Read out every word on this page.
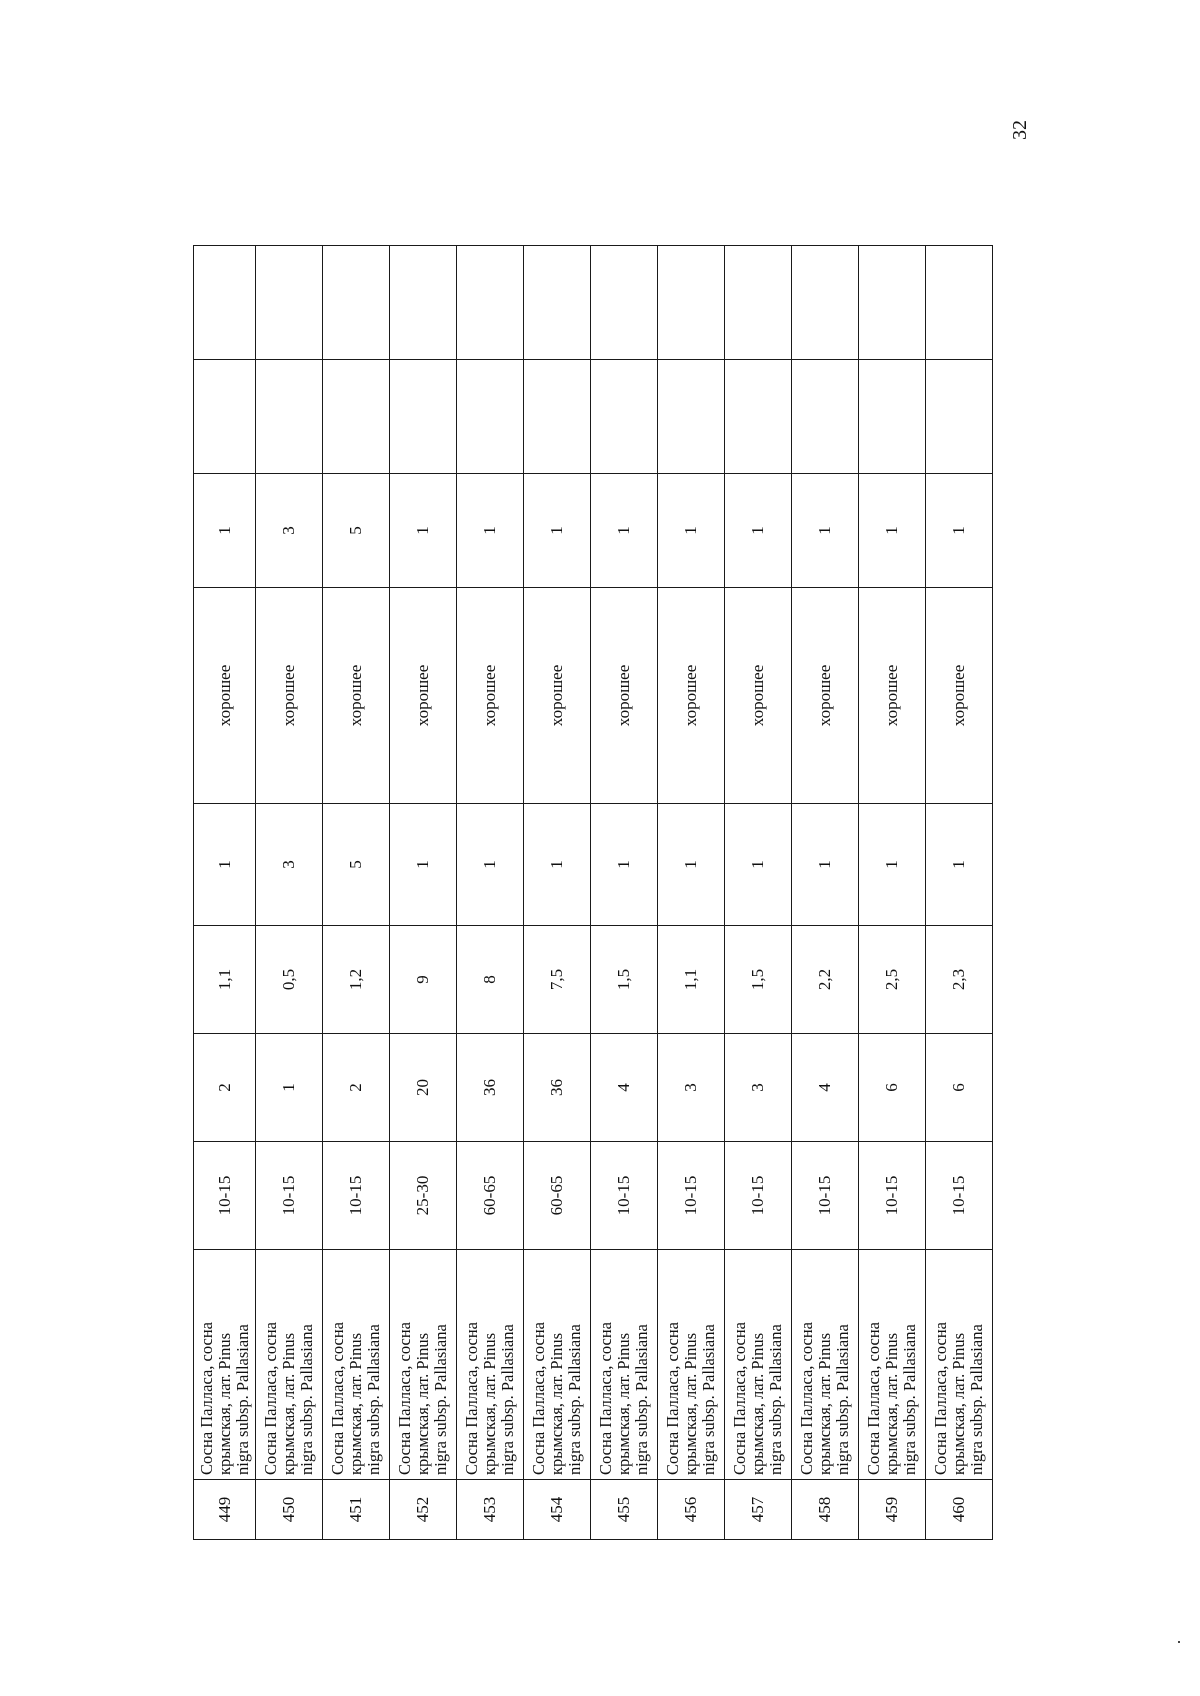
32
449	Сосна Палласа, сосна
крымская, лат. Pinus
nigra subsp. Pallasiana	10-15	2	1,1	1	хорошее	1		
450	Сосна Палласа, сосна
крымская, лат. Pinus
nigra subsp. Pallasiana	10-15	1	0,5	3	хорошее	3		
451	Сосна Палласа, сосна
крымская, лат. Pinus
nigra subsp. Pallasiana	10-15	2	1,2	5	хорошее	5		
452	Сосна Палласа, сосна
крымская, лат. Pinus
nigra subsp. Pallasiana	25-30	20	9	1	хорошее	1		
453	Сосна Палласа, сосна
крымская, лат. Pinus
nigra subsp. Pallasiana	60-65	36	8	1	хорошее	1		
454	Сосна Палласа, сосна
крымская, лат. Pinus
nigra subsp. Pallasiana	60-65	36	7,5	1	хорошее	1		
455	Сосна Палласа, сосна
крымская, лат. Pinus
nigra subsp. Pallasiana	10-15	4	1,5	1	хорошее	1		
456	Сосна Палласа, сосна
крымская, лат. Pinus
nigra subsp. Pallasiana	10-15	3	1,1	1	хорошее	1		
457	Сосна Палласа, сосна
крымская, лат. Pinus
nigra subsp. Pallasiana	10-15	3	1,5	1	хорошее	1		
458	Сосна Палласа, сосна
крымская, лат. Pinus
nigra subsp. Pallasiana	10-15	4	2,2	1	хорошее	1		
459	Сосна Палласа, сосна
крымская, лат. Pinus
nigra subsp. Pallasiana	10-15	6	2,5	1	хорошее	1		
460	Сосна Палласа, сосна
крымская, лат. Pinus
nigra subsp. Pallasiana	10-15	6	2,3	1	хорошее	1		
